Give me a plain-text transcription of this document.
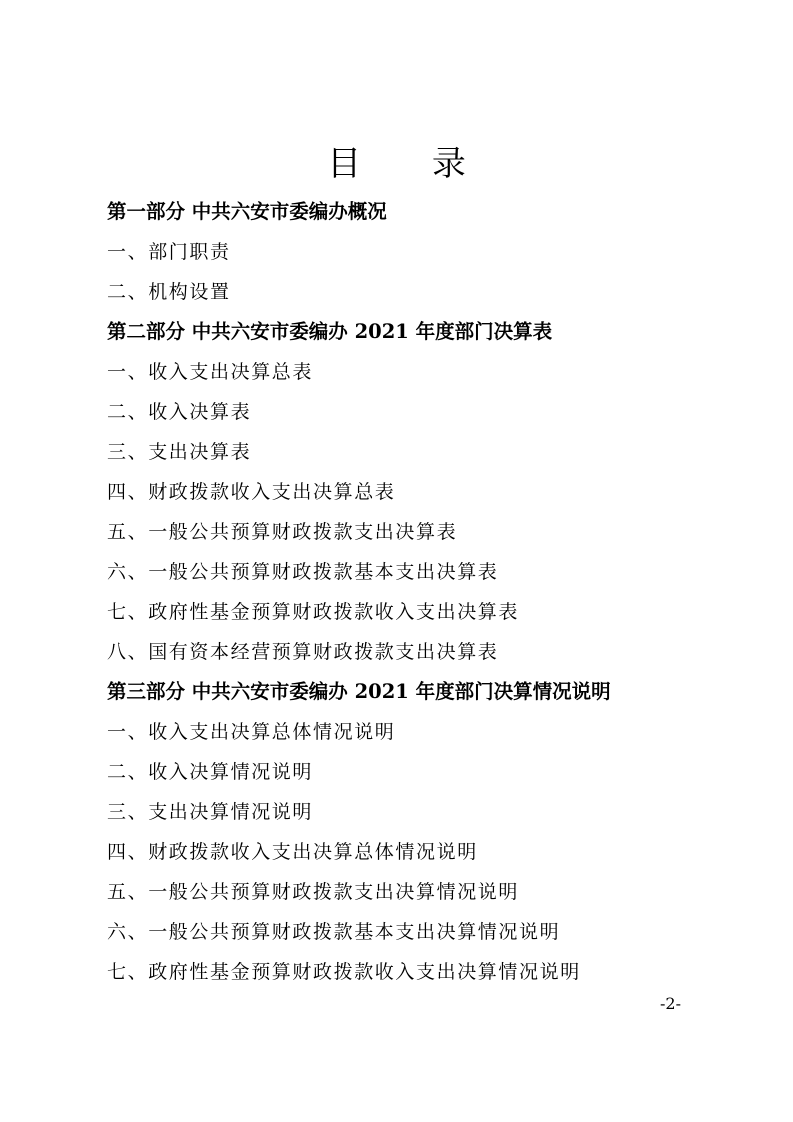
目 录
第一部分 中共六安市委编办概况
一、部门职责
二、机构设置
第二部分 中共六安市委编办 2021 年度部门决算表
一、收入支出决算总表
二、收入决算表
三、支出决算表
四、财政拨款收入支出决算总表
五、一般公共预算财政拨款支出决算表
六、一般公共预算财政拨款基本支出决算表
七、政府性基金预算财政拨款收入支出决算表
八、国有资本经营预算财政拨款支出决算表
第三部分 中共六安市委编办 2021 年度部门决算情况说明
一、收入支出决算总体情况说明
二、收入决算情况说明
三、支出决算情况说明
四、财政拨款收入支出决算总体情况说明
五、一般公共预算财政拨款支出决算情况说明
六、一般公共预算财政拨款基本支出决算情况说明
七、政府性基金预算财政拨款收入支出决算情况说明
-2-
